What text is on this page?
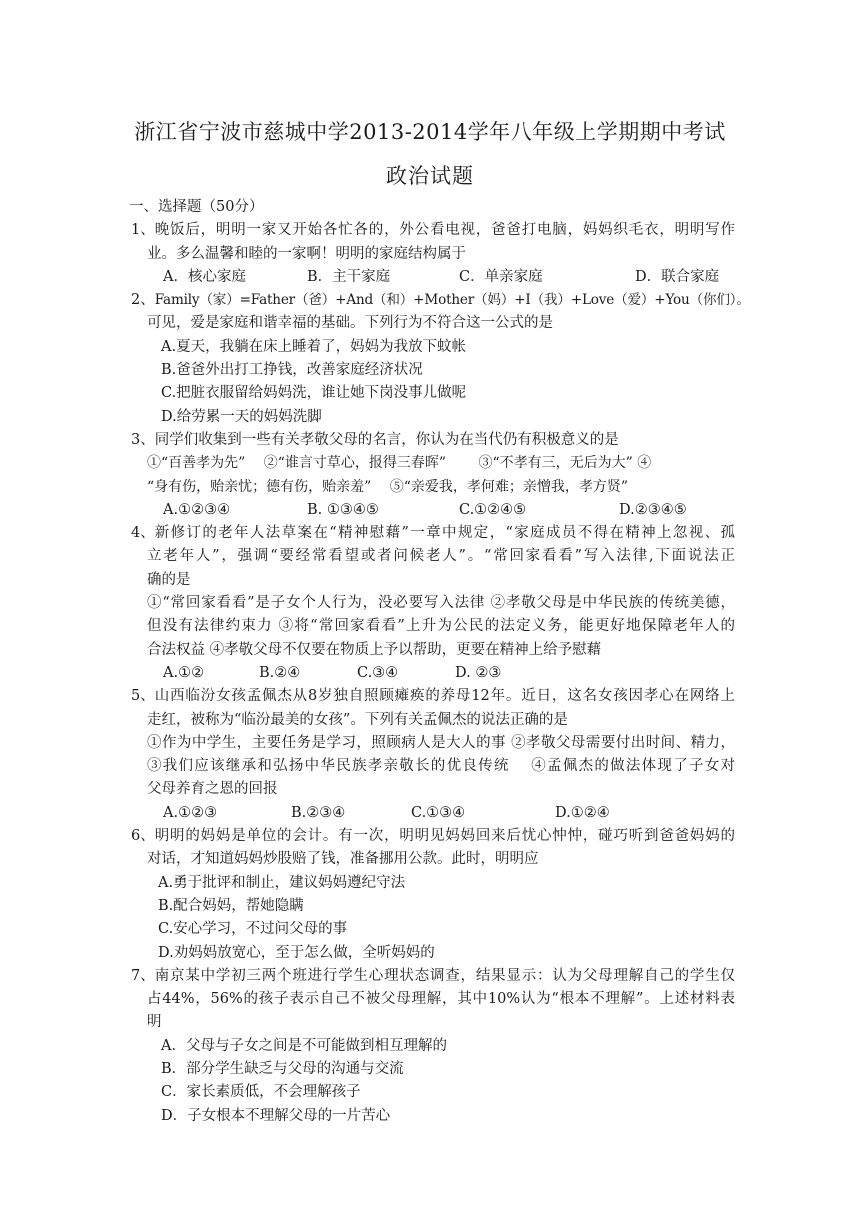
浙江省宁波市慈城中学2013-2014学年八年级上学期期中考试
政治试题
一、选择题（50分）
1、 晚饭后，明明一家又开始各忙各的，外公看电视，爸爸打电脑，妈妈织毛衣，明明写作
业。多么温馨和睦的一家啊！明明的家庭结构属于
A．核心家庭	B．主干家庭	C．单亲家庭	D．联合家庭
2、 Family（家）=Father（爸）+And（和）+Mother（妈）+I（我）+Love（爱）+You（你们）。
可见，爱是家庭和谐幸福的基础。下列行为不符合这一公式的是
A.夏天，我躺在床上睡着了，妈妈为我放下蚊帐
B.爸爸外出打工挣钱，改善家庭经济状况
C.把脏衣服留给妈妈洗，谁让她下岗没事儿做呢
D.给劳累一天的妈妈洗脚
3、 同学们收集到一些有关孝敬父母的名言，你认为在当代仍有积极意义的是
①“百善孝为先”　 ②“谁言寸草心，报得三春晖”　　 ③“不孝有三，无后为大” ④
“身有伤，贻亲忧；德有伤，贻亲羞”　 ⑤“亲爱我，孝何难；亲憎我，孝方贤”
A.①②③④	B. ①③④⑤	C.①②④⑤	D.②③④⑤
4、 新修订的老年人法草案在“精神慰藉”一章中规定，“家庭成员不得在精神上忽视、孤
立老年人”，强调“要经常看望或者问候老人”。“常回家看看”写入法律,下面说法正
确的是
①“常回家看看”是子女个人行为，没必要写入法律 ②孝敬父母是中华民族的传统美德，
但没有法律约束力 ③将“常回家看看”上升为公民的法定义务，能更好地保障老年人的
合法权益 ④孝敬父母不仅要在物质上予以帮助，更要在精神上给予慰藉
A.①②	B.②④	C.③④	D. ②③
5、 山西临汾女孩孟佩杰从8岁独自照顾瘫痪的养母12年。近日，这名女孩因孝心在网络上
走红，被称为“临汾最美的女孩”。下列有关孟佩杰的说法正确的是
①作为中学生，主要任务是学习，照顾病人是大人的事 ②孝敬父母需要付出时间、精力，
③我们应该继承和弘扬中华民族孝亲敬长的优良传统　 ④孟佩杰的做法体现了子女对
父母养育之恩的回报
A.①②③	B.②③④	C.①③④	D.①②④
6、 明明的妈妈是单位的会计。有一次，明明见妈妈回来后忧心忡忡，碰巧听到爸爸妈妈的
对话，才知道妈妈炒股赔了钱，准备挪用公款。此时，明明应
A.勇于批评和制止，建议妈妈遵纪守法
B.配合妈妈，帮她隐瞒
C.安心学习，不过问父母的事
D.劝妈妈放宽心，至于怎么做，全听妈妈的
7、 南京某中学初三两个班进行学生心理状态调查，结果显示：认为父母理解自己的学生仅
占44%，56%的孩子表示自己不被父母理解，其中10%认为“根本不理解”。上述材料表
明
A．父母与子女之间是不可能做到相互理解的
B．部分学生缺乏与父母的沟通与交流
C．家长素质低，不会理解孩子
D．子女根本不理解父母的一片苦心
